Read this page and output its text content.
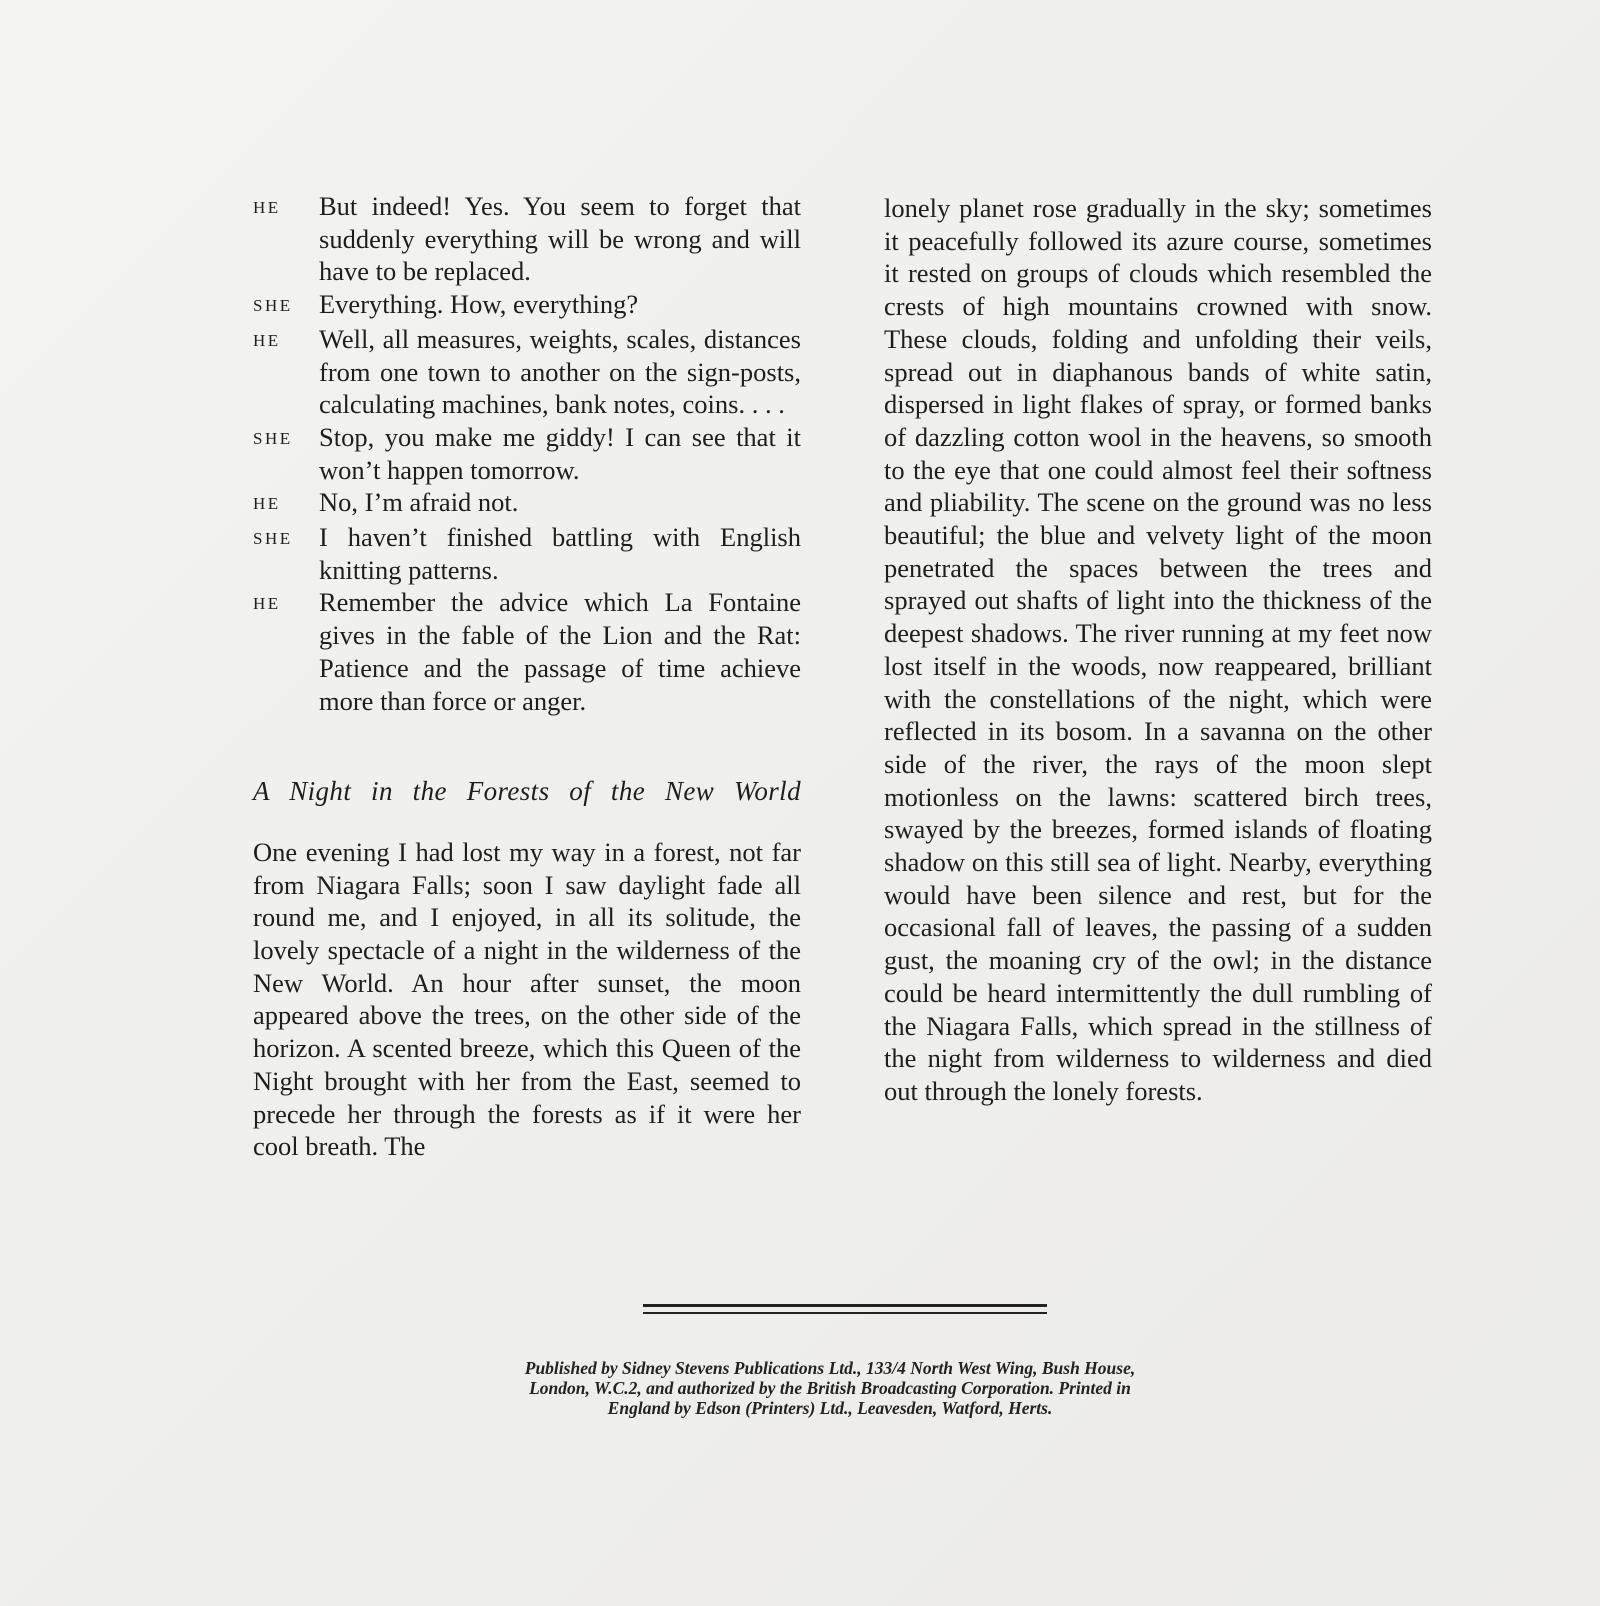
HE	But indeed! Yes. You seem to forget that suddenly everything will be wrong and will have to be replaced.
SHE Everything. How, everything?
HE	Well, all measures, weights, scales, distances from one town to another on the sign-posts, calculating machines, bank notes, coins. . . .
SHE Stop, you make me giddy! I can see that it won’t happen tomorrow.
HE	No, I’m afraid not.
SHE I haven’t finished battling with English knitting patterns.
HE	Remember the advice which La Fontaine gives in the fable of the Lion and the Rat: Patience and the passage of time achieve more than force or anger.
A Night in the Forests of the New World
One evening I had lost my way in a forest, not far from Niagara Falls; soon I saw daylight fade all round me, and I enjoyed, in all its solitude, the lovely spectacle of a night in the wilderness of the New World. An hour after sunset, the moon appeared above the trees, on the other side of the horizon. A scented breeze, which this Queen of the Night brought with her from the East, seemed to precede her through the forests as if it were her cool breath. The
lonely planet rose gradually in the sky; sometimes it peacefully followed its azure course, sometimes it rested on groups of clouds which resembled the crests of high mountains crowned with snow. These clouds, folding and unfolding their veils, spread out in diaphanous bands of white satin, dispersed in light flakes of spray, or formed banks of dazzling cotton wool in the heavens, so smooth to the eye that one could almost feel their softness and pliability. The scene on the ground was no less beautiful; the blue and velvety light of the moon penetrated the spaces between the trees and sprayed out shafts of light into the thickness of the deepest shadows. The river running at my feet now lost itself in the woods, now reappeared, brilliant with the constellations of the night, which were reflected in its bosom. In a savanna on the other side of the river, the rays of the moon slept motionless on the lawns: scattered birch trees, swayed by the breezes, formed islands of floating shadow on this still sea of light. Nearby, everything would have been silence and rest, but for the occasional fall of leaves, the passing of a sudden gust, the moaning cry of the owl; in the distance could be heard intermittently the dull rumbling of the Niagara Falls, which spread in the stillness of the night from wilderness to wilderness and died out through the lonely forests.
Published by Sidney Stevens Publications Ltd., 133/4 North West Wing, Bush House,
London, W.C.2, and authorized by the British Broadcasting Corporation. Printed in
England by Edson (Printers) Ltd., Leavesden, Watford, Herts.
